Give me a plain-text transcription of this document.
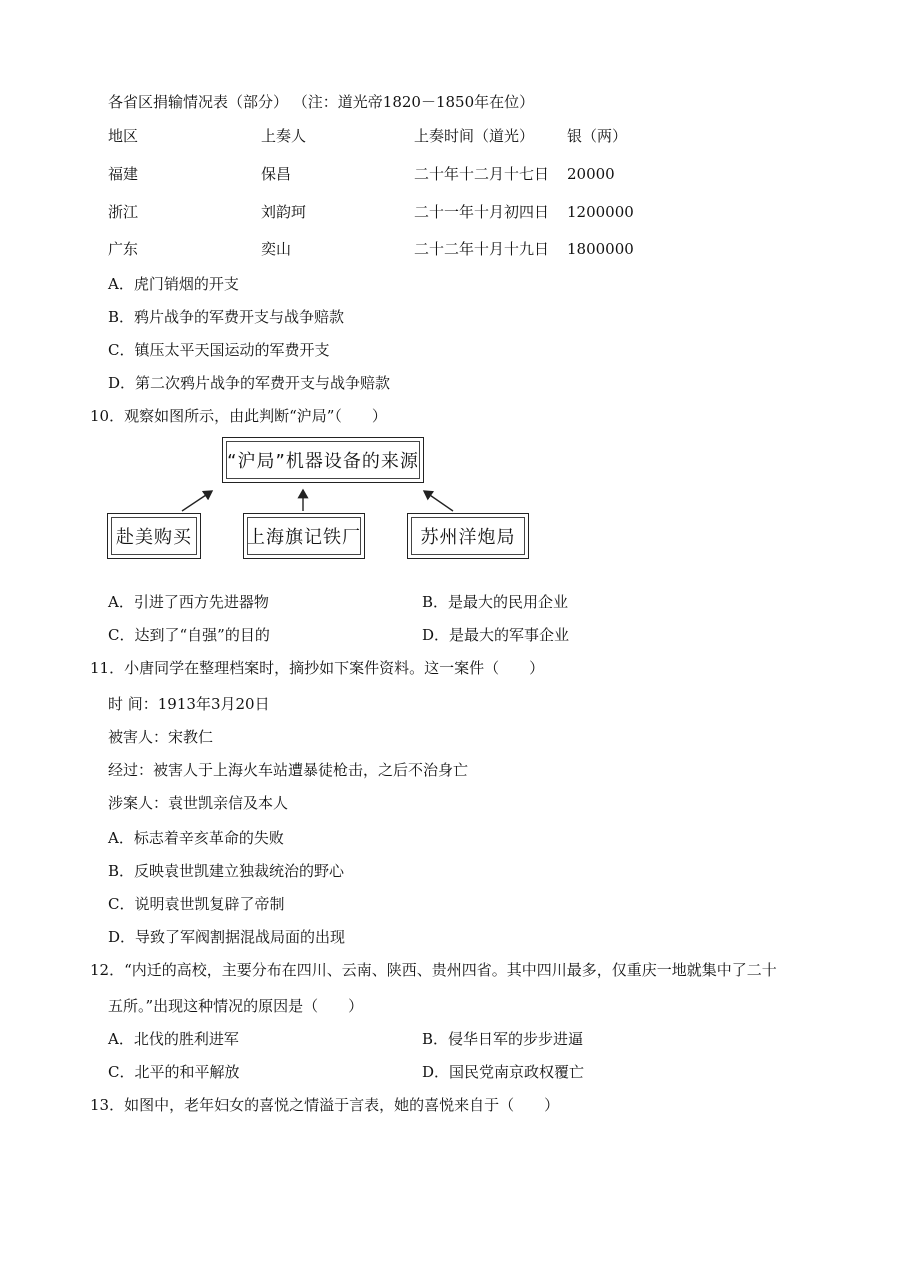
各省区捐输情况表（部分） （注：道光帝1820－1850年在位）
地区	上奏人	上奏时间（道光） 银（两）
福建	保昌	二十年十二月十七日 20000
浙江	刘韵珂	二十一年十月初四日 1200000
广东	奕山	二十二年十月十九日 1800000
A．虎门销烟的开支
B．鸦片战争的军费开支与战争赔款
C．镇压太平天国运动的军费开支
D．第二次鸦片战争的军费开支与战争赔款
10．观察如图所示，由此判断“沪局”（　　）
“沪局”机器设备的来源
赴美购买	上海旗记铁厂	苏州洋炮局
A．引进了西方先进器物	B．是最大的民用企业
C．达到了“自强”的目的	D．是最大的军事企业
11．小唐同学在整理档案时，摘抄如下案件资料。这一案件（　　）
时 间：1913年3月20日
被害人：宋教仁
经过：被害人于上海火车站遭暴徒枪击，之后不治身亡
涉案人：袁世凯亲信及本人
A．标志着辛亥革命的失败
B．反映袁世凯建立独裁统治的野心
C．说明袁世凯复辟了帝制
D．导致了军阀割据混战局面的出现
12．“内迁的高校，主要分布在四川、云南、陕西、贵州四省。其中四川最多，仅重庆一地就集中了二十
五所。”出现这种情况的原因是（　　）
A．北伐的胜利进军	B．侵华日军的步步进逼
C．北平的和平解放	D．国民党南京政权覆亡
13．如图中，老年妇女的喜悦之情溢于言表，她的喜悦来自于（　　）
